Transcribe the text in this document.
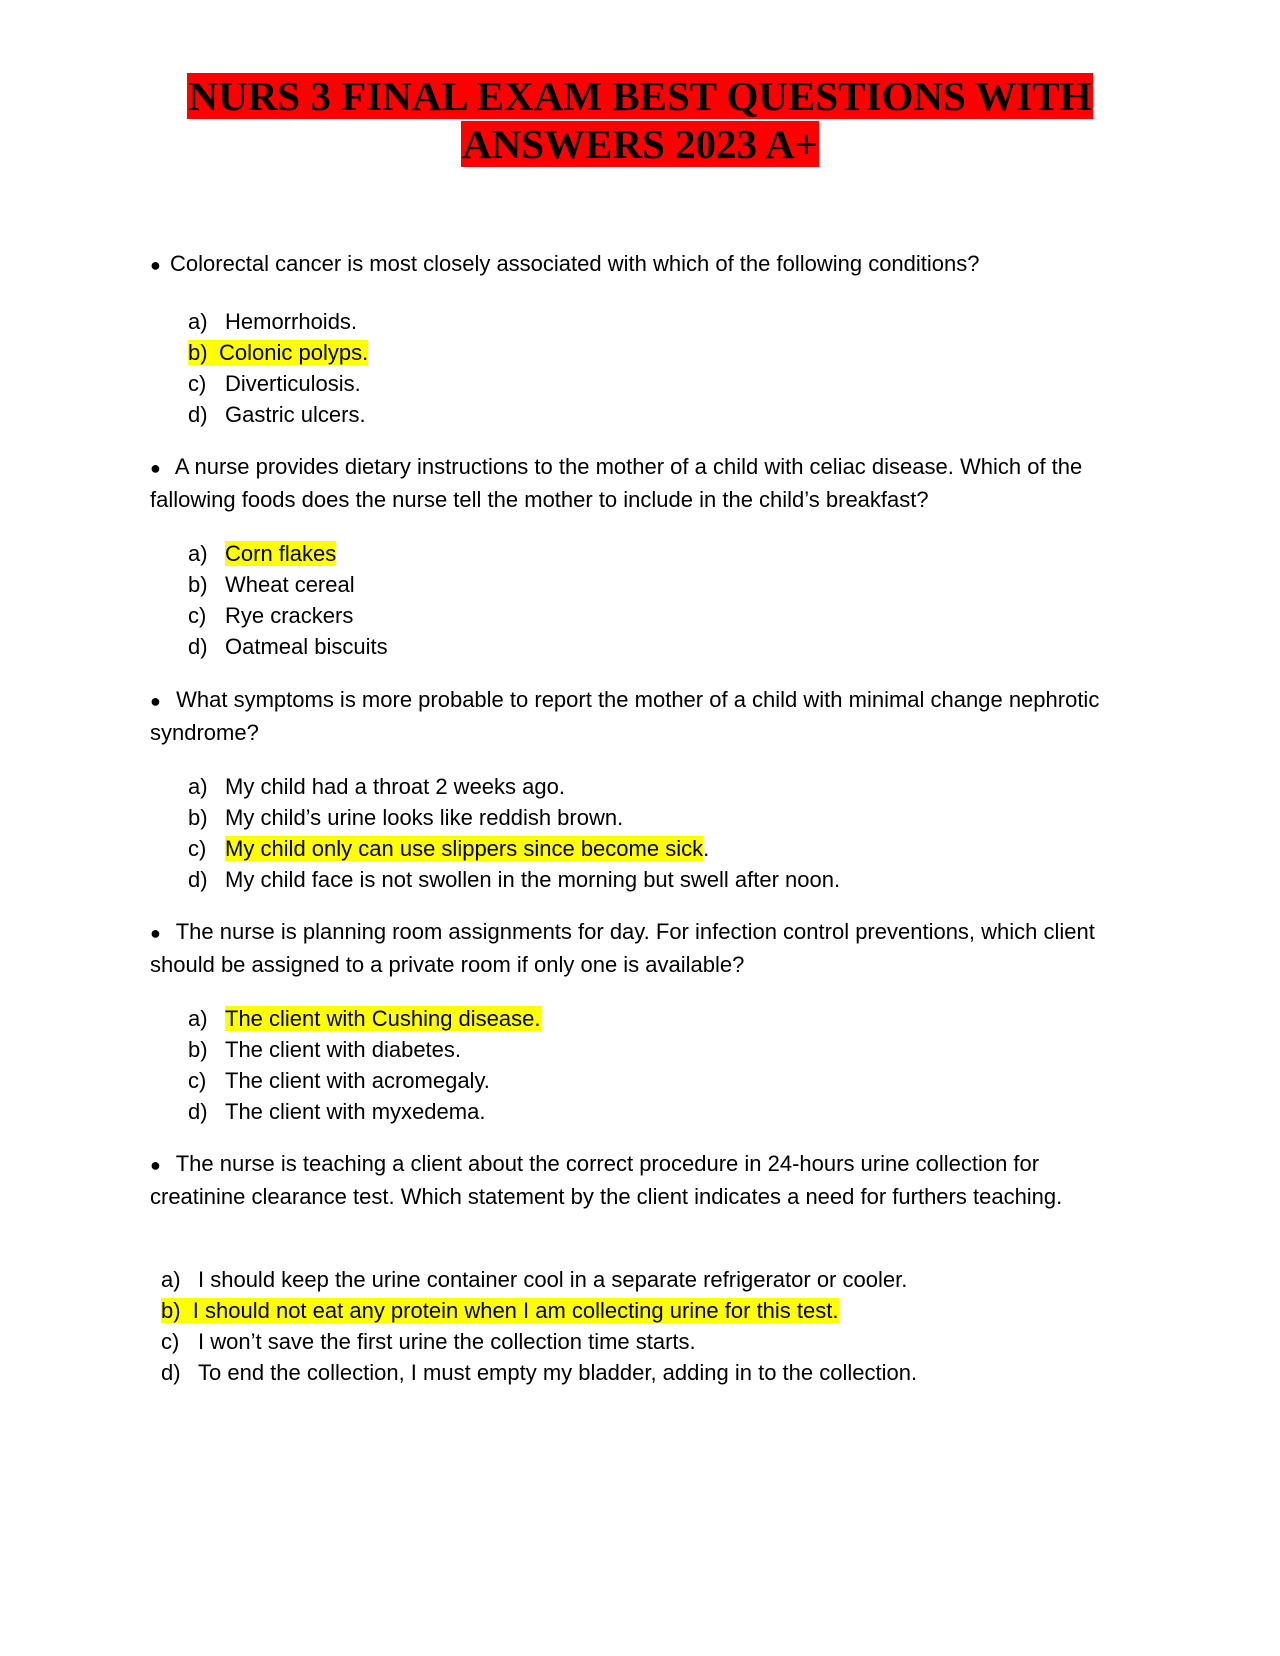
NURS 3 FINAL EXAM BEST QUESTIONS WITH
ANSWERS 2023 A+
● Colorectal cancer is most closely associated with which of the following conditions?
a) Hemorrhoids.
b) Colonic polyps.
c) Diverticulosis.
d) Gastric ulcers.
● A nurse provides dietary instructions to the mother of a child with celiac disease. Which of the fallowing foods does the nurse tell the mother to include in the child’s breakfast?
a) Corn flakes
b) Wheat cereal
c) Rye crackers
d) Oatmeal biscuits
● What symptoms is more probable to report the mother of a child with minimal change nephrotic syndrome?
a) My child had a throat 2 weeks ago.
b) My child’s urine looks like reddish brown.
c) My child only can use slippers since become sick.
d) My child face is not swollen in the morning but swell after noon.
● The nurse is planning room assignments for day. For infection control preventions, which client should be assigned to a private room if only one is available?
a) The client with Cushing disease.
b) The client with diabetes.
c) The client with acromegaly.
d) The client with myxedema.
● The nurse is teaching a client about the correct procedure in 24-hours urine collection for creatinine clearance test. Which statement by the client indicates a need for furthers teaching.
a) I should keep the urine container cool in a separate refrigerator or cooler. b) I should not eat any protein when I am collecting urine for this test.
c) I won’t save the first urine the collection time starts.
d) To end the collection, I must empty my bladder, adding in to the collection.
